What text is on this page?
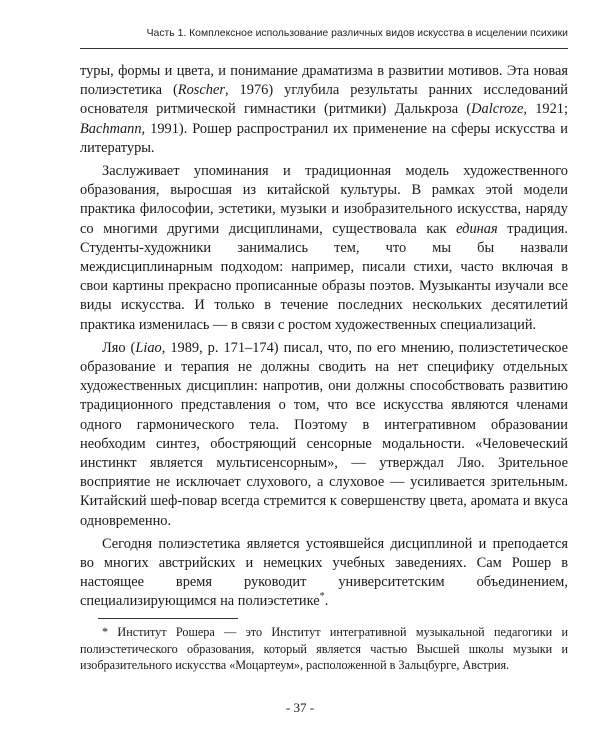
Часть 1. Комплексное использование различных видов искусства в исцелении психики

туры, формы и цвета, и понимание драматизма в развитии мотивов. Эта новая полиэстетика (Roscher, 1976) углубила результаты ранних исследований основателя ритмической гимнастики (ритмики) Далькроза (Dalcroze, 1921; Bachmann, 1991). Рошер распространил их применение на сферы искусства и литературы.

Заслуживает упоминания и традиционная модель художественного образования, выросшая из китайской культуры. В рамках этой модели практика философии, эстетики, музыки и изобразительного искусства, наряду со многими другими дисциплинами, существовала как единая традиция. Студенты-художники занимались тем, что мы бы назвали междисциплинарным подходом: например, писали стихи, часто включая в свои картины прекрасно прописанные образы поэтов. Музыканты изучали все виды искусства. И только в течение последних нескольких десятилетий практика изменилась — в связи с ростом художественных специализаций.

Ляо (Liao, 1989, p. 171–174) писал, что, по его мнению, полиэстетическое образование и терапия не должны сводить на нет специфику отдельных художественных дисциплин: напротив, они должны способствовать развитию традиционного представления о том, что все искусства являются членами одного гармонического тела. Поэтому в интегративном образовании необходим синтез, обостряющий сенсорные модальности. «Человеческий инстинкт является мультисенсорным», — утверждал Ляо. Зрительное восприятие не исключает слухового, а слуховое — усиливается зрительным. Китайский шеф-повар всегда стремится к совершенству цвета, аромата и вкуса одновременно.

Сегодня полиэстетика является устоявшейся дисциплиной и преподается во многих австрийских и немецких учебных заведениях. Сам Рошер в настоящее время руководит университетским объединением, специализирующимся на полиэстетике*.

* Институт Рошера — это Институт интегративной музыкальной педагогики и полиэстетического образования, который является частью Высшей школы музыки и изобразительного искусства «Моцартеум», расположенной в Зальцбурге, Австрия.

- 37 -
